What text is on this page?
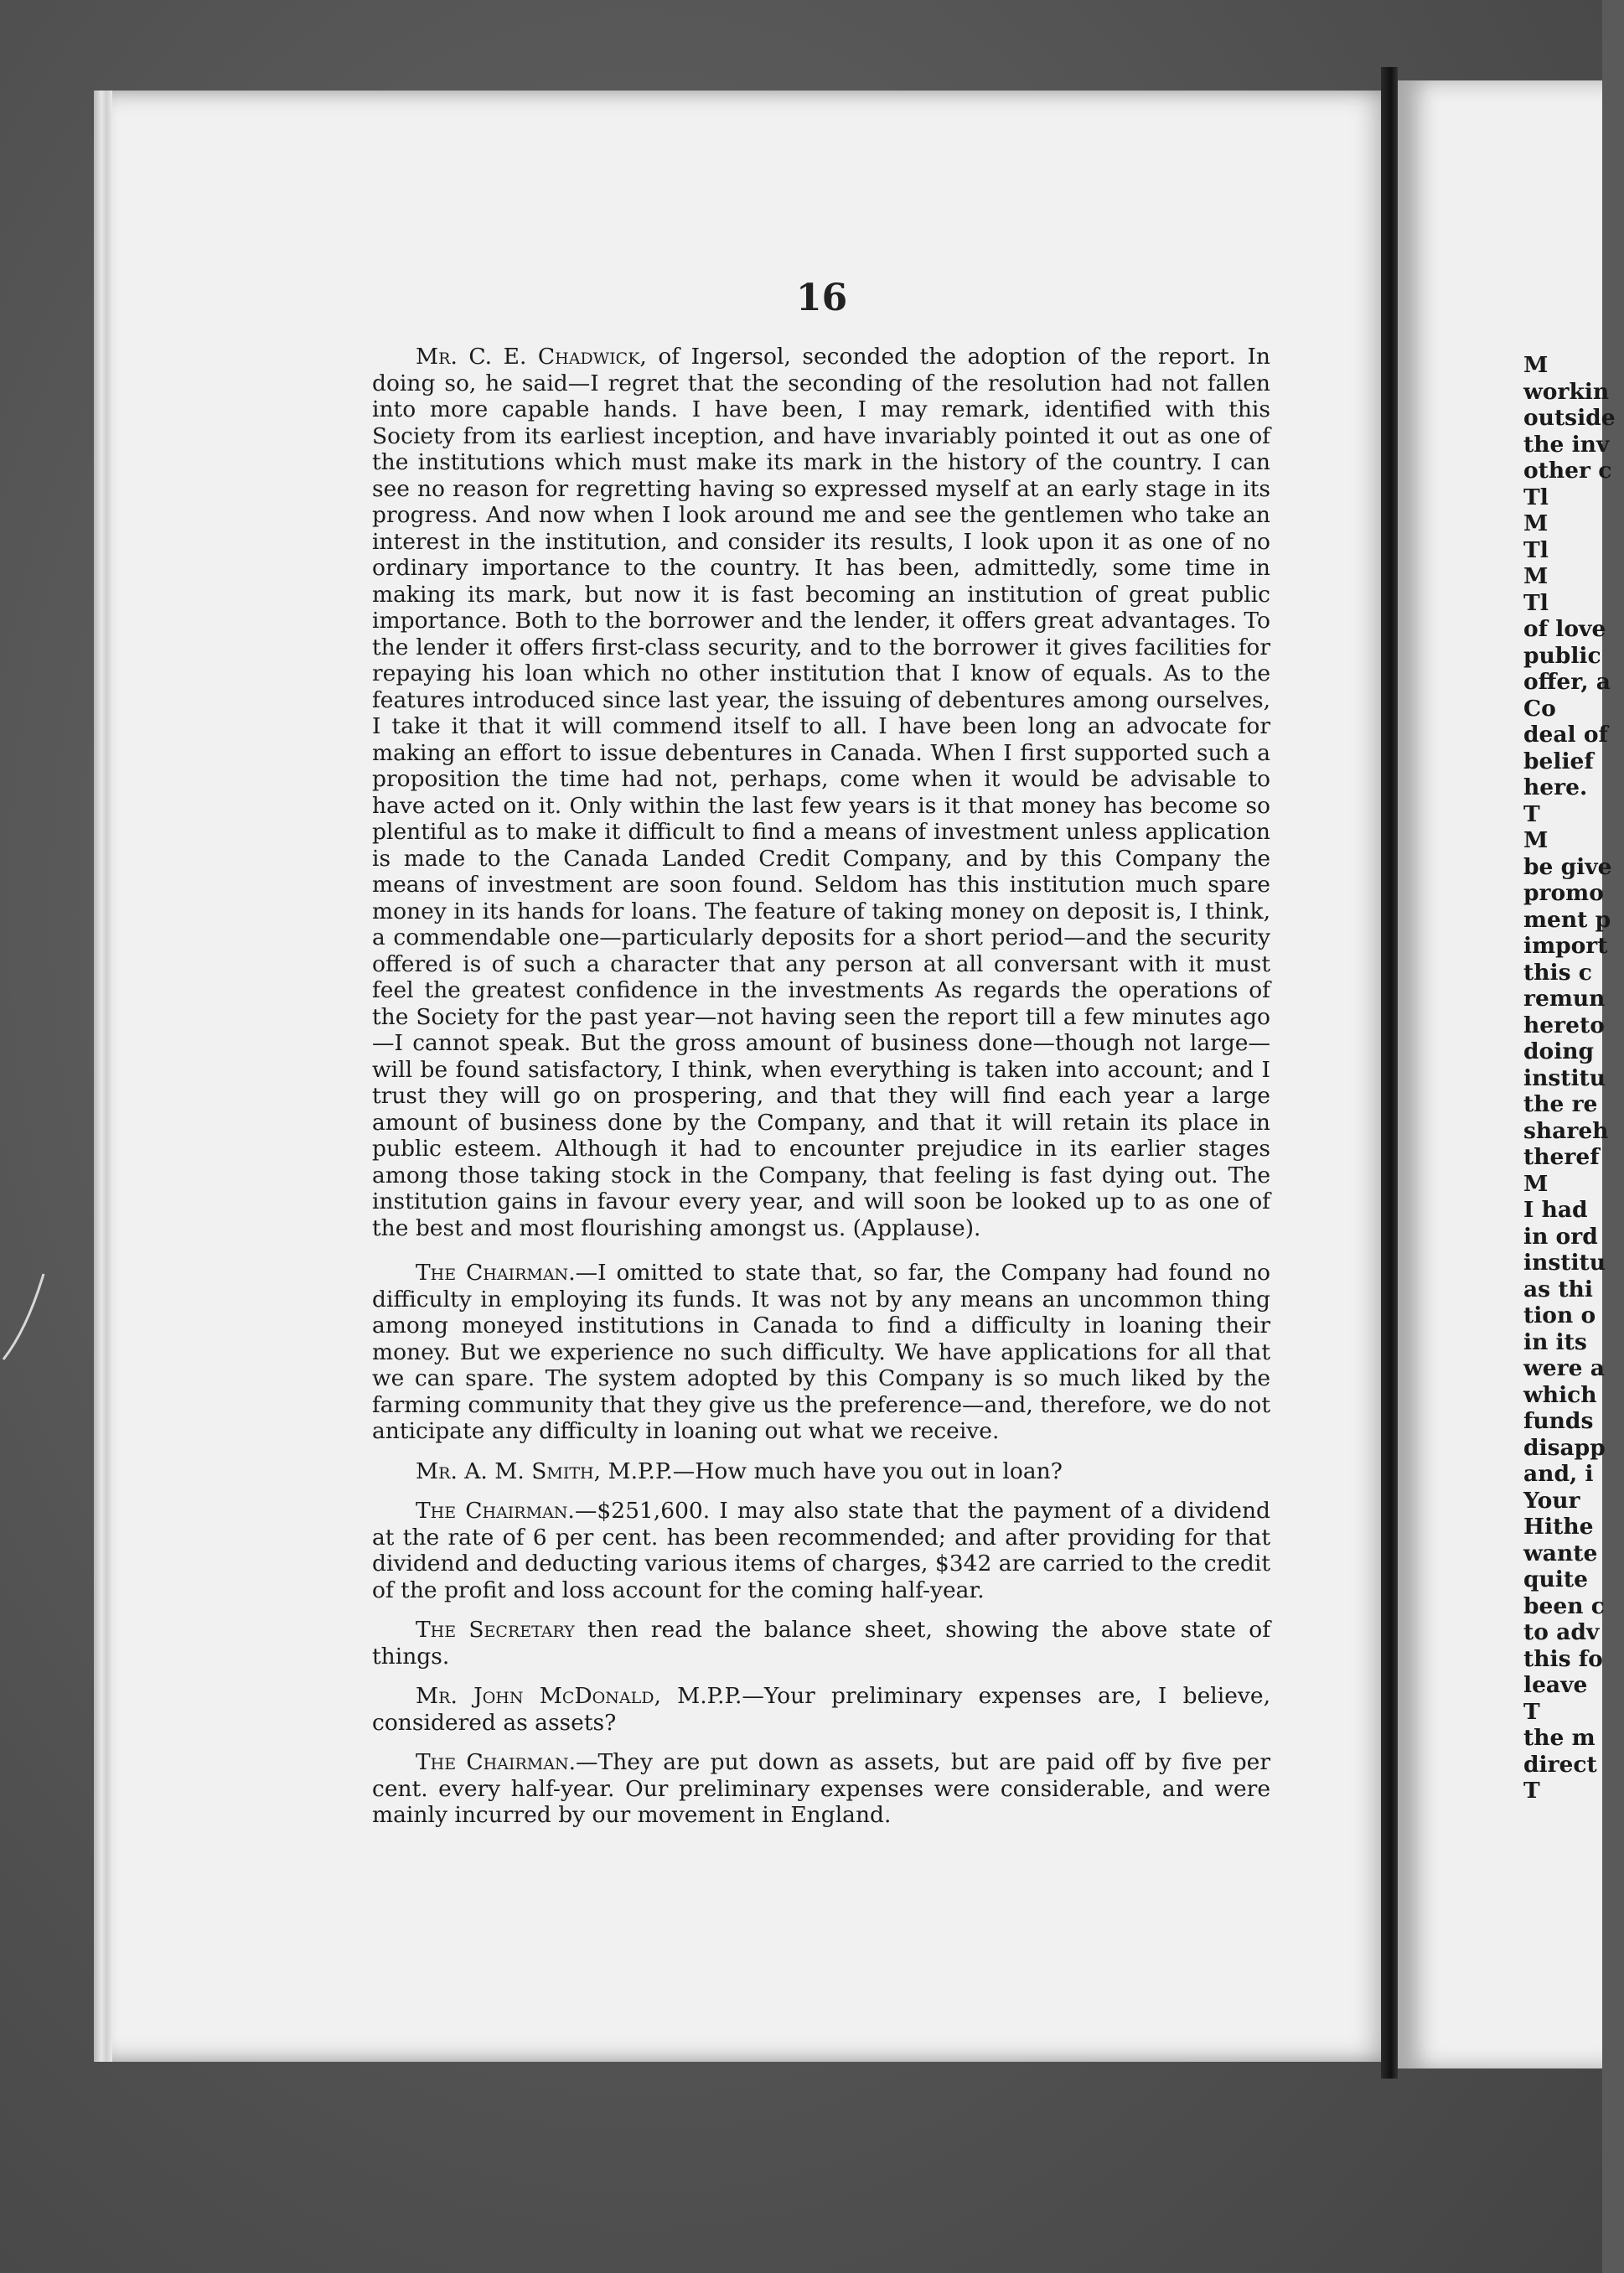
16

Mr. C. E. Chadwick, of Ingersol, seconded the adoption of the report. In doing so, he said—I regret that the seconding of the resolution had not fallen into more capable hands. I have been, I may remark, identified with this Society from its earliest inception, and have invariably pointed it out as one of the institutions which must make its mark in the history of the country. I can see no reason for regretting having so expressed myself at an early stage in its progress. And now when I look around me and see the gentlemen who take an interest in the institution, and consider its results, I look upon it as one of no ordinary importance to the country. It has been, admittedly, some time in making its mark, but now it is fast becoming an institution of great public importance. Both to the borrower and the lender, it offers great advantages. To the lender it offers first-class security, and to the borrower it gives facilities for repaying his loan which no other institution that I know of equals. As to the features introduced since last year, the issuing of debentures among ourselves, I take it that it will commend itself to all. I have been long an advocate for making an effort to issue debentures in Canada. When I first supported such a proposition the time had not, perhaps, come when it would be advisable to have acted on it. Only within the last few years is it that money has become so plentiful as to make it difficult to find a means of investment unless application is made to the Canada Landed Credit Company, and by this Company the means of investment are soon found. Seldom has this institution much spare money in its hands for loans. The feature of taking money on deposit is, I think, a commendable one—particularly deposits for a short period—and the security offered is of such a character that any person at all conversant with it must feel the greatest confidence in the investments As regards the operations of the Society for the past year—not having seen the report till a few minutes ago—I cannot speak. But the gross amount of business done—though not large—will be found satisfactory, I think, when everything is taken into account; and I trust they will go on prospering, and that they will find each year a large amount of business done by the Company, and that it will retain its place in public esteem. Although it had to encounter prejudice in its earlier stages among those taking stock in the Company, that feeling is fast dying out. The institution gains in favour every year, and will soon be looked up to as one of the best and most flourishing amongst us. (Applause).

The Chairman.—I omitted to state that, so far, the Company had found no difficulty in employing its funds. It was not by any means an uncommon thing among moneyed institutions in Canada to find a difficulty in loaning their money. But we experience no such difficulty. We have applications for all that we can spare. The system adopted by this Company is so much liked by the farming community that they give us the preference—and, therefore, we do not anticipate any difficulty in loaning out what we receive.

Mr. A. M. Smith, M.P.P.—How much have you out in loan?

The Chairman.—$251,600. I may also state that the payment of a dividend at the rate of 6 per cent. has been recommended; and after providing for that dividend and deducting various items of charges, $342 are carried to the credit of the profit and loss account for the coming half-year.

The Secretary then read the balance sheet, showing the above state of things.

Mr. John McDonald, M.P.P.—Your preliminary expenses are, I believe, considered as assets?

The Chairman.—They are put down as assets, but are paid off by five per cent. every half-year. Our preliminary expenses were considerable, and were mainly incurred by our movement in England.

M
workin
outside
the inv
other c
Tl
M
Tl
M
Tl
of love
public
offer, a
Co
deal of
belief
here.
T
M
be give
promo
ment p
import
this c
remun
hereto
doing
institu
the re
shareh
theref
M
I had
in ord
institu
as thi
tion o
in its
were a
which
funds
disapp
and, i
Your
Hithe
wante
quite
been c
to adv
this fo
leave
T
the m
direct
T
